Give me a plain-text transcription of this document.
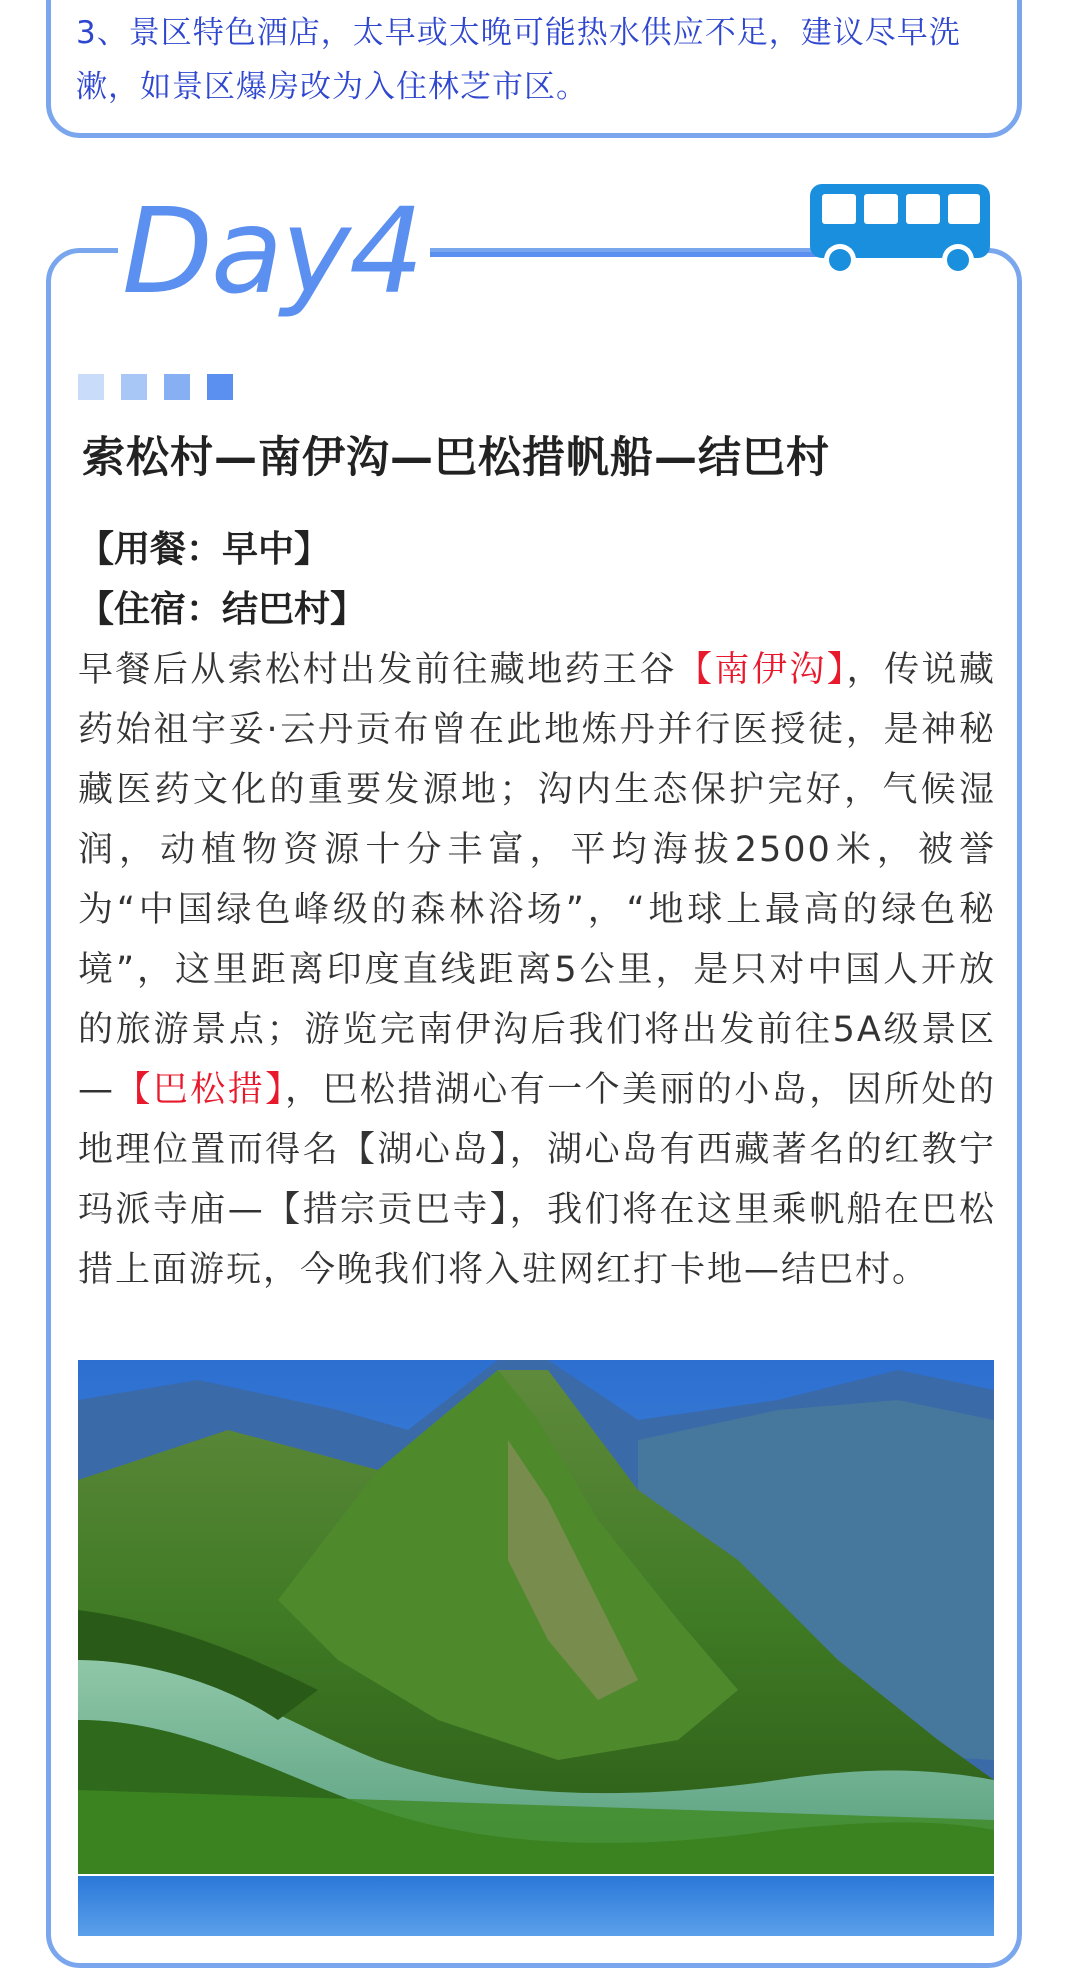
3、景区特色酒店，太早或太晚可能热水供应不足，建议尽早洗漱，如景区爆房改为入住林芝市区。

Day4
索松村—南伊沟—巴松措帆船—结巴村

【用餐：早中】

【住宿：结巴村】

早餐后从索松村出发前往藏地药王谷【南伊沟】，传说藏药始祖宇妥·云丹贡布曾在此地炼丹并行医授徒，是神秘藏医药文化的重要发源地；沟内生态保护完好，气候湿润，动植物资源十分丰富，平均海拔2500米，被誉为“中国绿色峰级的森林浴场”，“地球上最高的绿色秘境”，这里距离印度直线距离5公里，是只对中国人开放的旅游景点；游览完南伊沟后我们将出发前往5A级景区—【巴松措】，巴松措湖心有一个美丽的小岛，因所处的地理位置而得名【湖心岛】，湖心岛有西藏著名的红教宁玛派寺庙—【措宗贡巴寺】，我们将在这里乘帆船在巴松措上面游玩，今晚我们将入驻网红打卡地—结巴村。
